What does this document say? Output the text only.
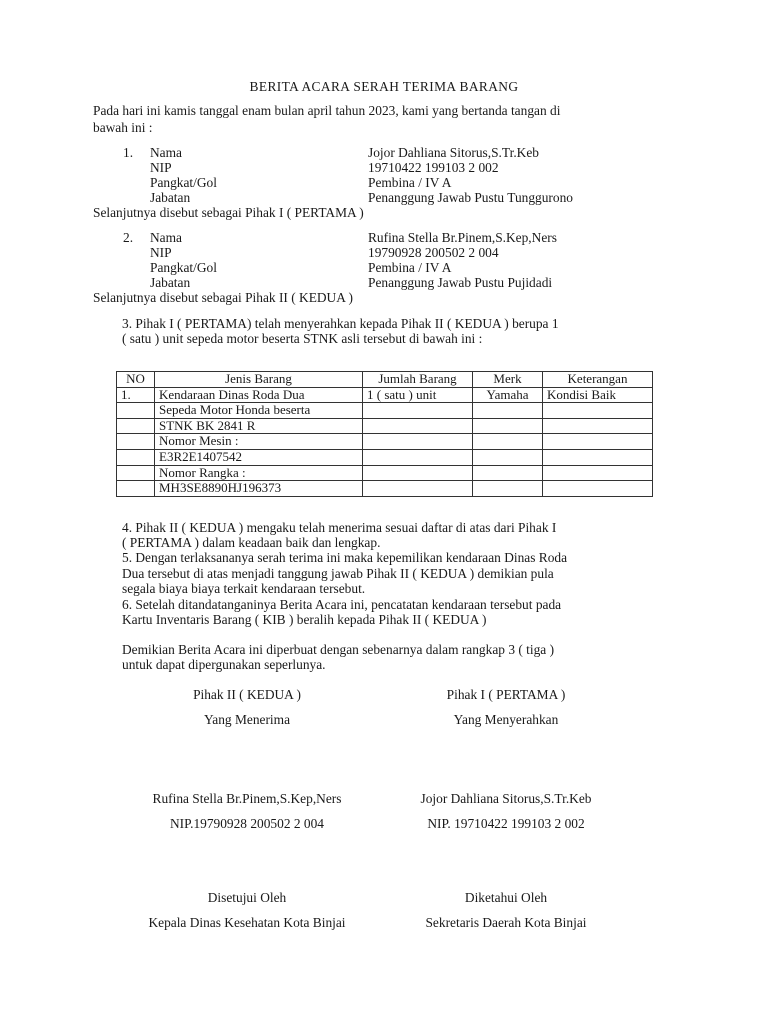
BERITA ACARA SERAH TERIMA BARANG
Pada hari ini kamis tanggal enam bulan april tahun 2023, kami yang bertanda tangan di
bawah ini :
1. Nama	Jojor Dahliana Sitorus,S.Tr.Keb
NIP	19710422 199103 2 002
Pangkat/Gol	Pembina / IV A
Jabatan	Penanggung Jawab Pustu Tunggurono
Selanjutnya disebut sebagai Pihak I ( PERTAMA )
2. Nama	Rufina Stella Br.Pinem,S.Kep,Ners
NIP	19790928 200502 2 004
Pangkat/Gol	Pembina / IV A
Jabatan	Penanggung Jawab Pustu Pujidadi
Selanjutnya disebut sebagai Pihak II ( KEDUA )
3. Pihak I ( PERTAMA) telah menyerahkan kepada Pihak II ( KEDUA ) berupa 1
( satu ) unit sepeda motor beserta STNK asli tersebut di bawah ini :
NO	Jenis Barang	Jumlah Barang	Merk	Keterangan
1.	Kendaraan Dinas Roda Dua	1 ( satu ) unit	Yamaha	Kondisi Baik
	Sepeda Motor Honda beserta			
	STNK BK 2841 R			
	Nomor Mesin :			
	E3R2E1407542			
	Nomor Rangka :			
	MH3SE8890HJ196373			
4. Pihak II ( KEDUA ) mengaku telah menerima sesuai daftar di atas dari Pihak I
( PERTAMA ) dalam keadaan baik dan lengkap.
5. Dengan terlaksananya serah terima ini maka kepemilikan kendaraan Dinas Roda
Dua tersebut di atas menjadi tanggung jawab Pihak II ( KEDUA ) demikian pula
segala biaya biaya terkait kendaraan tersebut.
6. Setelah ditandatanganinya Berita Acara ini, pencatatan kendaraan tersebut pada
Kartu Inventaris Barang ( KIB ) beralih kepada Pihak II ( KEDUA )
Demikian Berita Acara ini diperbuat dengan sebenarnya dalam rangkap 3 ( tiga )
untuk dapat dipergunakan seperlunya.
Pihak II ( KEDUA )	Pihak I ( PERTAMA )
Yang Menerima	Yang Menyerahkan
Rufina Stella Br.Pinem,S.Kep,Ners	Jojor Dahliana Sitorus,S.Tr.Keb
NIP.19790928 200502 2 004	NIP. 19710422 199103 2 002
Disetujui Oleh	Diketahui Oleh
Kepala Dinas Kesehatan Kota Binjai	Sekretaris Daerah Kota Binjai
